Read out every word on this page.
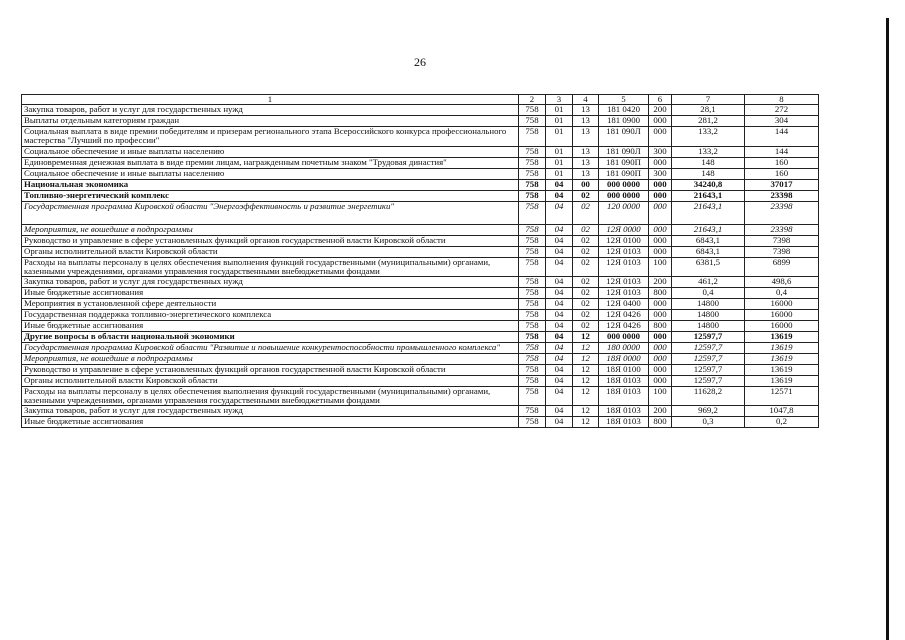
26
1	2	3	4	5	6	7	8
Закупка товаров, работ и услуг для государственных нужд	758	01	13	181 0420	200	28,1	272
Выплаты отдельным категориям граждан	758	01	13	181 0900	000	281,2	304
Социальная выплата в виде премии победителям и призерам регионального этапа Всероссийского конкурса профессионального мастерства "Лучший по профессии"	758	01	13	181 090Л	000	133,2	144
Социальное обеспечение и иные выплаты населению	758	01	13	181 090Л	300	133,2	144
Единовременная денежная выплата в виде премии лицам, награжденным почетным знаком "Трудовая династия"	758	01	13	181 090П	000	148	160
Социальное обеспечение и иные выплаты населению	758	01	13	181 090П	300	148	160
Национальная экономика	758	04	00	000 0000	000	34240,8	37017
Топливно-энергетический комплекс	758	04	02	000 0000	000	21643,1	23398
Государственная программа Кировской области "Энергоэффективность и развитие энергетики"	758	04	02	120 0000	000	21643,1	23398
Мероприятия, не вошедшие в подпрограммы	758	04	02	12Я 0000	000	21643,1	23398
Руководство и управление в сфере установленных функций органов государственной власти Кировской области	758	04	02	12Я 0100	000	6843,1	7398
Органы исполнительной власти Кировской области	758	04	02	12Я 0103	000	6843,1	7398
Расходы на выплаты персоналу в целях обеспечения выполнения функций государственными (муниципальными) органами, казенными учреждениями, органами управления государственными внебюджетными фондами	758	04	02	12Я 0103	100	6381,5	6899
Закупка товаров, работ и услуг для государственных нужд	758	04	02	12Я 0103	200	461,2	498,6
Иные бюджетные ассигнования	758	04	02	12Я 0103	800	0,4	0,4
Мероприятия в установленной сфере деятельности	758	04	02	12Я 0400	000	14800	16000
Государственная поддержка топливно-энергетического комплекса	758	04	02	12Я 0426	000	14800	16000
Иные бюджетные ассигнования	758	04	02	12Я 0426	800	14800	16000
Другие вопросы в области национальной экономики	758	04	12	000 0000	000	12597,7	13619
Государственная программа Кировской области "Развитие и повышение конкурентоспособности промышленного комплекса"	758	04	12	180 0000	000	12597,7	13619
Мероприятия, не вошедшие в подпрограммы	758	04	12	18Я 0000	000	12597,7	13619
Руководство и управление в сфере установленных функций органов государственной власти Кировской области	758	04	12	18Я 0100	000	12597,7	13619
Органы исполнительной власти Кировской области	758	04	12	18Я 0103	000	12597,7	13619
Расходы на выплаты персоналу в целях обеспечения выполнения функций государственными (муниципальными) органами, казенными учреждениями, органами управления государственными внебюджетными фондами	758	04	12	18Я 0103	100	11628,2	12571
Закупка товаров, работ и услуг для государственных нужд	758	04	12	18Я 0103	200	969,2	1047,8
Иные бюджетные ассигнования	758	04	12	18Я 0103	800	0,3	0,2
